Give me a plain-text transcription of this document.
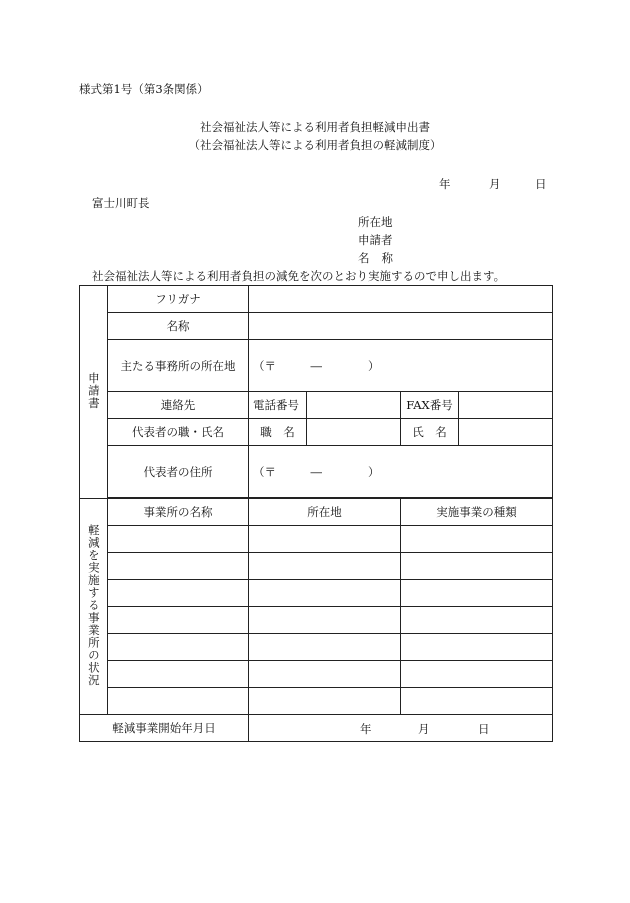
様式第1号（第3条関係）
社会福祉法人等による利用者負担軽減申出書
（社会福祉法人等による利用者負担の軽減制度）
年	月	日
富士川町長
所在地
申請者
名称
社会福祉法人等による利用者負担の減免を次のとおり実施するので申し出ます。
申請書	フリガナ				
	名称				
	主たる事務所の所在地	（〒　　　―　　　　）			
	連絡先	電話番号		FAX番号	
	代表者の職・氏名	職　名		氏　名	
	代表者の住所	（〒　　　―　　　　）			

軽減を実施する事業所の状況	事業所の名称	所在地		実施事業の種類	

軽減事業開始年月日		年 月 日			
